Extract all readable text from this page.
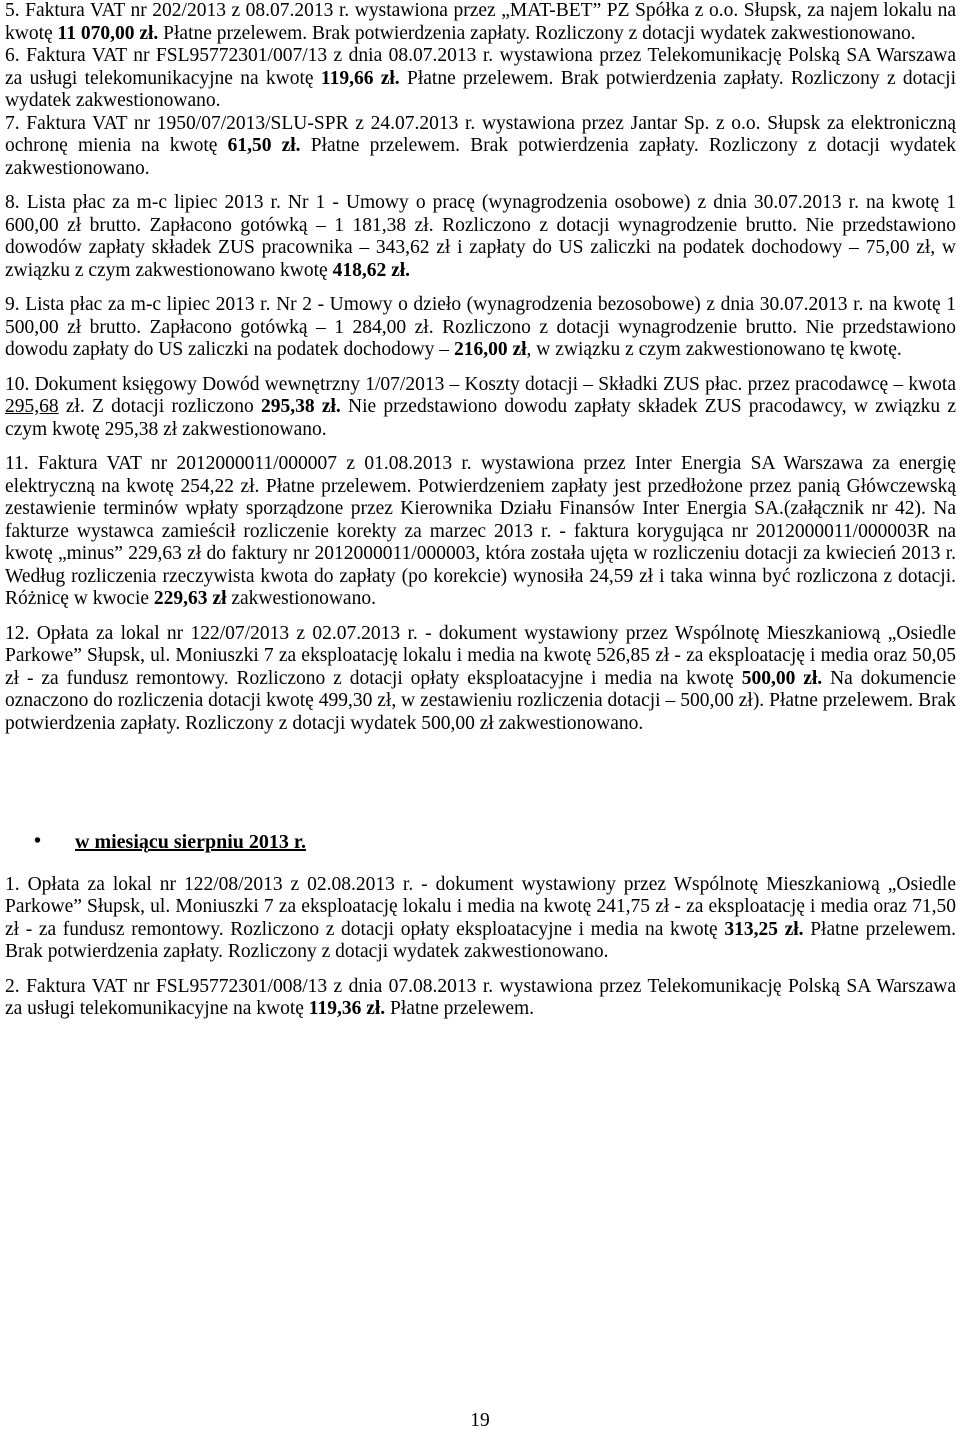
5. Faktura VAT nr 202/2013 z 08.07.2013 r. wystawiona przez „MAT-BET” PZ Spółka z o.o. Słupsk, za najem lokalu na kwotę 11 070,00 zł. Płatne przelewem. Brak potwierdzenia zapłaty. Rozliczony z dotacji wydatek zakwestionowano.

6. Faktura VAT nr FSL95772301/007/13 z dnia 08.07.2013 r. wystawiona przez Telekomunikację Polską SA Warszawa za usługi telekomunikacyjne na kwotę 119,66 zł. Płatne przelewem. Brak potwierdzenia zapłaty. Rozliczony z dotacji wydatek zakwestionowano.

7. Faktura VAT nr 1950/07/2013/SLU-SPR z 24.07.2013 r. wystawiona przez Jantar Sp. z o.o. Słupsk za elektroniczną ochronę mienia na kwotę 61,50 zł. Płatne przelewem. Brak potwierdzenia zapłaty. Rozliczony z dotacji wydatek zakwestionowano.

8. Lista płac za m-c lipiec 2013 r. Nr 1 - Umowy o pracę (wynagrodzenia osobowe) z dnia 30.07.2013 r. na kwotę 1 600,00 zł brutto. Zapłacono gotówką – 1 181,38 zł. Rozliczono z dotacji wynagrodzenie brutto. Nie przedstawiono dowodów zapłaty składek ZUS pracownika – 343,62 zł i zapłaty do US zaliczki na podatek dochodowy – 75,00 zł, w związku z czym zakwestionowano kwotę 418,62 zł.

9. Lista płac za m-c lipiec 2013 r. Nr 2 - Umowy o dzieło (wynagrodzenia bezosobowe) z dnia 30.07.2013 r. na kwotę 1 500,00 zł brutto. Zapłacono gotówką – 1 284,00 zł. Rozliczono z dotacji wynagrodzenie brutto. Nie przedstawiono dowodu zapłaty do US zaliczki na podatek dochodowy – 216,00 zł, w związku z czym zakwestionowano tę kwotę.

10. Dokument księgowy Dowód wewnętrzny 1/07/2013 – Koszty dotacji – Składki ZUS płac. przez pracodawcę – kwota 295,68 zł. Z dotacji rozliczono 295,38 zł. Nie przedstawiono dowodu zapłaty składek ZUS pracodawcy, w związku z czym kwotę 295,38 zł zakwestionowano.

11. Faktura VAT nr 2012000011/000007 z 01.08.2013 r. wystawiona przez Inter Energia SA Warszawa za energię elektryczną na kwotę 254,22 zł. Płatne przelewem. Potwierdzeniem zapłaty jest przedłożone przez panią Główczewską zestawienie terminów wpłaty sporządzone przez Kierownika Działu Finansów Inter Energia SA.(załącznik nr 42). Na fakturze wystawca zamieścił rozliczenie korekty za marzec 2013 r. - faktura korygująca nr 2012000011/000003R na kwotę „minus” 229,63 zł do faktury nr 2012000011/000003, która została ujęta w rozliczeniu dotacji za kwiecień 2013 r. Według rozliczenia rzeczywista kwota do zapłaty (po korekcie) wynosiła 24,59 zł i taka winna być rozliczona z dotacji. Różnicę w kwocie 229,63 zł zakwestionowano.

12. Opłata za lokal nr 122/07/2013 z 02.07.2013 r. - dokument wystawiony przez Wspólnotę Mieszkaniową „Osiedle Parkowe” Słupsk, ul. Moniuszki 7 za eksploatację lokalu i media na kwotę 526,85 zł - za eksploatację i media oraz 50,05 zł - za fundusz remontowy. Rozliczono z dotacji opłaty eksploatacyjne i media na kwotę 500,00 zł. Na dokumencie oznaczono do rozliczenia dotacji kwotę 499,30 zł, w zestawieniu rozliczenia dotacji – 500,00 zł). Płatne przelewem. Brak potwierdzenia zapłaty. Rozliczony z dotacji wydatek 500,00 zł zakwestionowano.

• w miesiącu sierpniu 2013 r.

1. Opłata za lokal nr 122/08/2013 z 02.08.2013 r. - dokument wystawiony przez Wspólnotę Mieszkaniową „Osiedle Parkowe” Słupsk, ul. Moniuszki 7 za eksploatację lokalu i media na kwotę 241,75 zł - za eksploatację i media oraz 71,50 zł - za fundusz remontowy. Rozliczono z dotacji opłaty eksploatacyjne i media na kwotę 313,25 zł. Płatne przelewem. Brak potwierdzenia zapłaty. Rozliczony z dotacji wydatek zakwestionowano.

2. Faktura VAT nr FSL95772301/008/13 z dnia 07.08.2013 r. wystawiona przez Telekomunikację Polską SA Warszawa za usługi telekomunikacyjne na kwotę 119,36 zł. Płatne przelewem.

19
